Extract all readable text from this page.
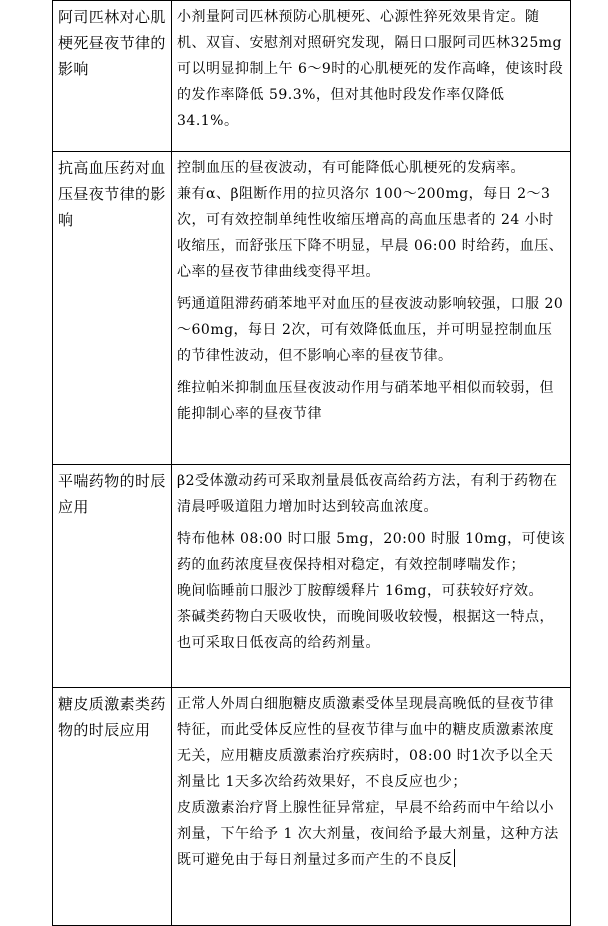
阿司匹林对心肌梗死昼夜节律的影响	小剂量阿司匹林预防心肌梗死、心源性猝死效果肯定。随机、双盲、安慰剂对照研究发现，隔日口服阿司匹林325mg 可以明显抑制上午 6～9时的心肌梗死的发作高峰，使该时段的发作率降低 59.3%，但对其他时段发作率仅降低 34.1%。

抗高血压药对血压昼夜节律的影响	控制血压的昼夜波动，有可能降低心肌梗死的发病率。
兼有α、β阻断作用的拉贝洛尔 100～200mg，每日 2～3次，可有效控制单纯性收缩压增高的高血压患者的 24 小时收缩压，而舒张压下降不明显，早晨 06:00 时给药，血压、心率的昼夜节律曲线变得平坦。
钙通道阻滞药硝苯地平对血压的昼夜波动影响较强，口服 20～60mg，每日 2次，可有效降低血压，并可明显控制血压的节律性波动，但不影响心率的昼夜节律。
维拉帕米抑制血压昼夜波动作用与硝苯地平相似而较弱，但能抑制心率的昼夜节律

平喘药物的时辰应用	β2受体激动药可采取剂量晨低夜高给药方法，有利于药物在清晨呼吸道阻力增加时达到较高血浓度。
特布他林 08:00 时口服 5mg，20:00 时服 10mg，可使该药的血药浓度昼夜保持相对稳定，有效控制哮喘发作；
晚间临睡前口服沙丁胺醇缓释片 16mg，可获较好疗效。
茶碱类药物白天吸收快，而晚间吸收较慢，根据这一特点，也可采取日低夜高的给药剂量。

糖皮质激素类药物的时辰应用	正常人外周白细胞糖皮质激素受体呈现晨高晚低的昼夜节律特征，而此受体反应性的昼夜节律与血中的糖皮质激素浓度无关，应用糖皮质激素治疗疾病时，08:00 时1次予以全天剂量比 1天多次给药效果好，不良反应也少；
皮质激素治疗肾上腺性征异常症，早晨不给药而中午给以小剂量，下午给予 1 次大剂量，夜间给予最大剂量，这种方法既可避免由于每日剂量过多而产生的不良反
